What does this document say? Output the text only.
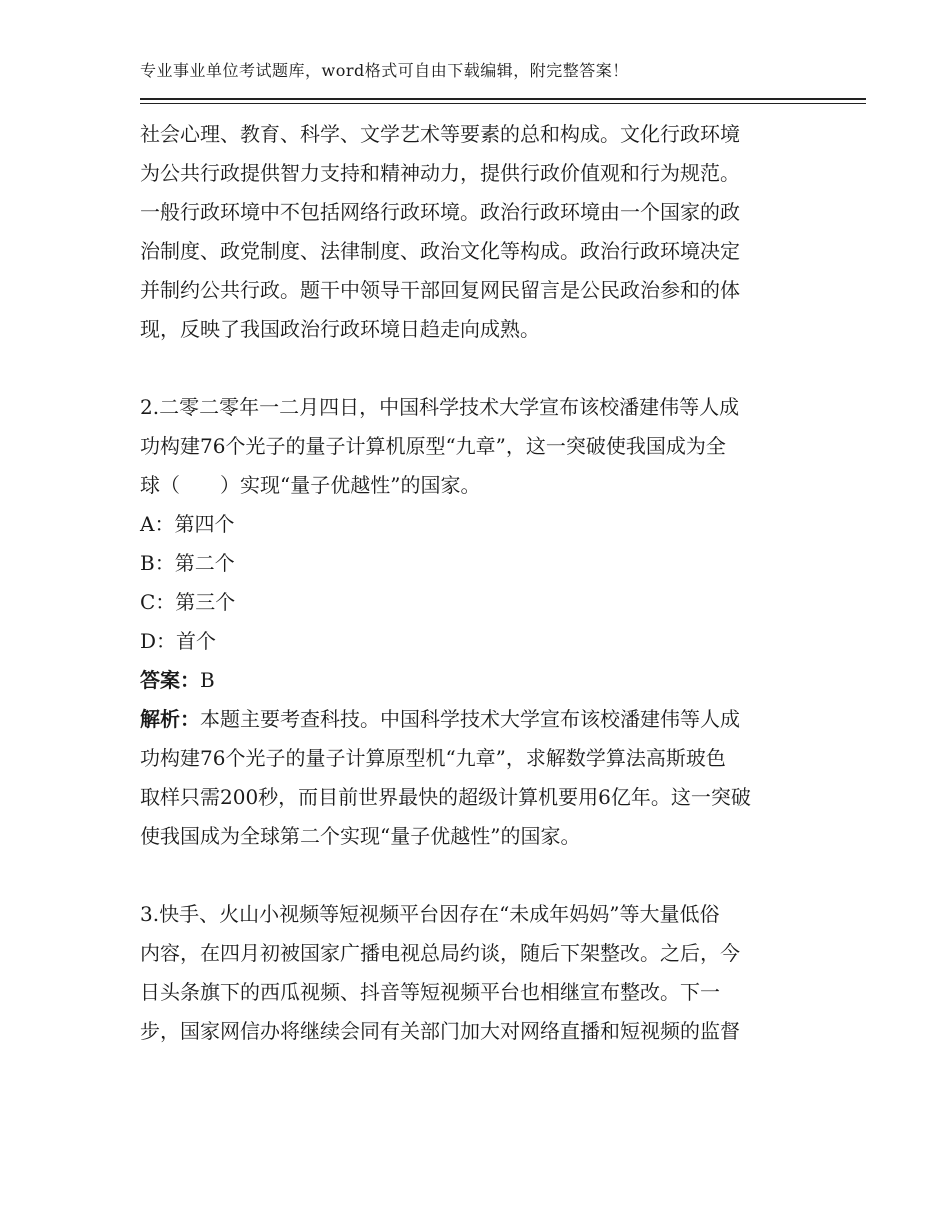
专业事业单位考试题库，word格式可自由下载编辑，附完整答案！
社会心理、教育、科学、文学艺术等要素的总和构成。文化行政环境
为公共行政提供智力支持和精神动力，提供行政价值观和行为规范。
一般行政环境中不包括网络行政环境。政治行政环境由一个国家的政
治制度、政党制度、法律制度、政治文化等构成。政治行政环境决定
并制约公共行政。题干中领导干部回复网民留言是公民政治参和的体
现，反映了我国政治行政环境日趋走向成熟。
2.二零二零年一二月四日，中国科学技术大学宣布该校潘建伟等人成
功构建76个光子的量子计算机原型“九章”，这一突破使我国成为全
球（　　）实现“量子优越性”的国家。
A：第四个
B：第二个
C：第三个
D：首个
答案：B
解析：本题主要考查科技。中国科学技术大学宣布该校潘建伟等人成
功构建76个光子的量子计算原型机“九章”，求解数学算法高斯玻色
取样只需200秒，而目前世界最快的超级计算机要用6亿年。这一突破
使我国成为全球第二个实现“量子优越性”的国家。
3.快手、火山小视频等短视频平台因存在“未成年妈妈”等大量低俗
内容，在四月初被国家广播电视总局约谈，随后下架整改。之后，今
日头条旗下的西瓜视频、抖音等短视频平台也相继宣布整改。下一
步，国家网信办将继续会同有关部门加大对网络直播和短视频的监督
